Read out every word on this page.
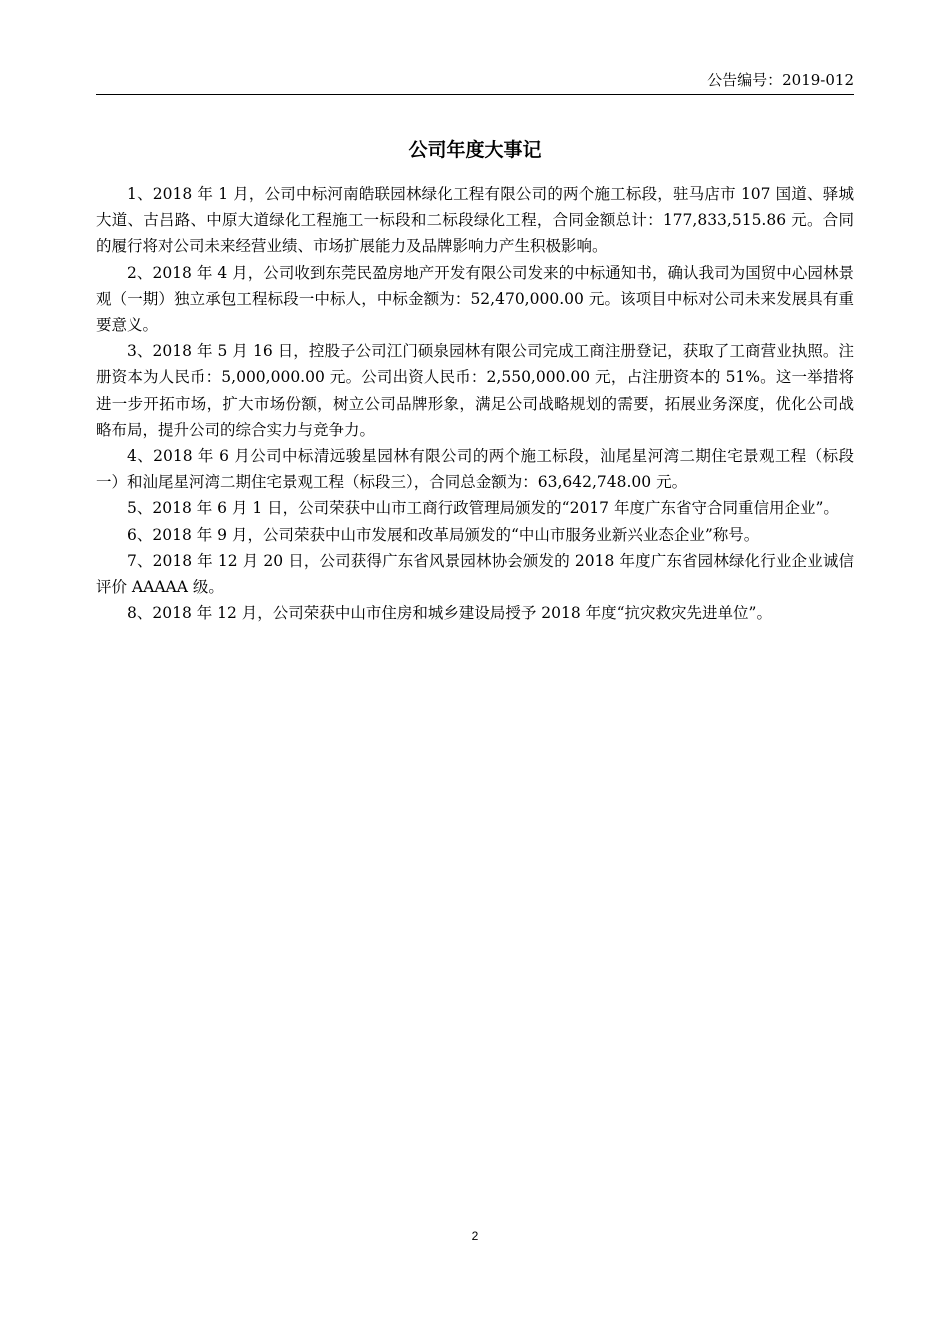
公告编号：2019-012
公司年度大事记

1、2018 年 1 月，公司中标河南皓联园林绿化工程有限公司的两个施工标段，驻马店市 107 国道、驿城大道、古吕路、中原大道绿化工程施工一标段和二标段绿化工程，合同金额总计：177,833,515.86 元。合同的履行将对公司未来经营业绩、市场扩展能力及品牌影响力产生积极影响。

2、2018 年 4 月，公司收到东莞民盈房地产开发有限公司发来的中标通知书，确认我司为国贸中心园林景观（一期）独立承包工程标段一中标人，中标金额为：52,470,000.00 元。该项目中标对公司未来发展具有重要意义。

3、2018 年 5 月 16 日，控股子公司江门硕泉园林有限公司完成工商注册登记，获取了工商营业执照。注册资本为人民币：5,000,000.00 元。公司出资人民币：2,550,000.00 元，占注册资本的 51%。这一举措将进一步开拓市场，扩大市场份额，树立公司品牌形象，满足公司战略规划的需要，拓展业务深度，优化公司战略布局，提升公司的综合实力与竞争力。

4、2018 年 6 月公司中标清远骏星园林有限公司的两个施工标段，汕尾星河湾二期住宅景观工程（标段一）和汕尾星河湾二期住宅景观工程（标段三），合同总金额为：63,642,748.00 元。

5、2018 年 6 月 1 日，公司荣获中山市工商行政管理局颁发的“2017 年度广东省守合同重信用企业”。

6、2018 年 9 月，公司荣获中山市发展和改革局颁发的“中山市服务业新兴业态企业”称号。

7、2018 年 12 月 20 日，公司获得广东省风景园林协会颁发的 2018 年度广东省园林绿化行业企业诚信评价 AAAAA 级。

8、2018 年 12 月，公司荣获中山市住房和城乡建设局授予 2018 年度“抗灾救灾先进单位”。

2
